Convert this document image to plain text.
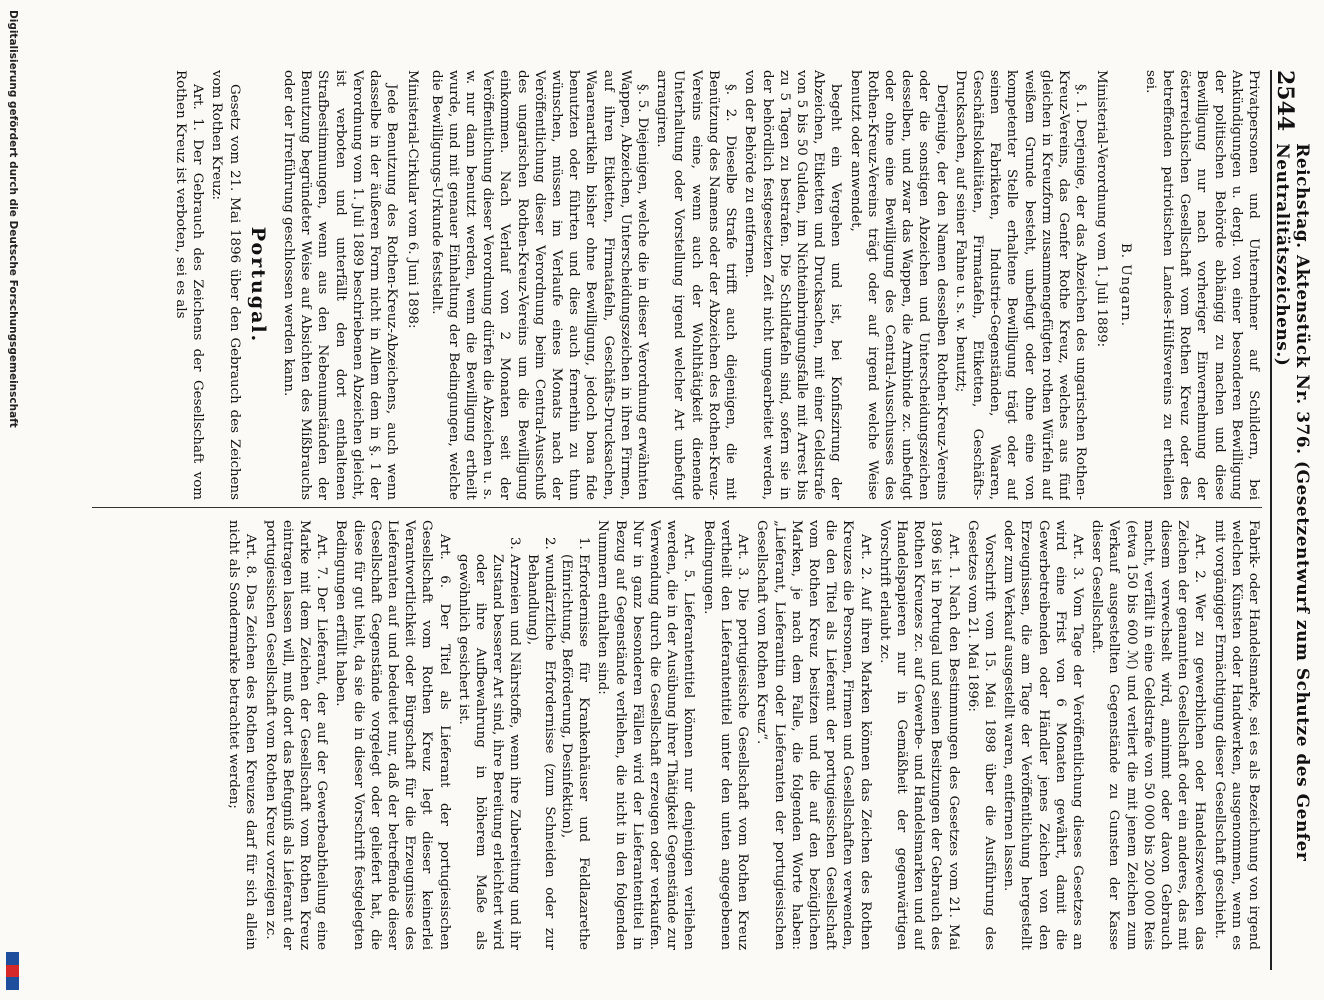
2544
Reichstag. Aktenstück Nr. 376. (Gesetzentwurf zum Schutze des Genfer Neutralitätszeichens.)

Privatpersonen und Unternehmer auf Schildern, bei Ankündigungen u. dergl. von einer besonderen Bewilligung der politischen Behörde abhängig zu machen und diese Bewilligung nur nach vorheriger Einvernehmung der österreichischen Gesellschaft vom Rothen Kreuz oder des betreffenden patriotischen Landes-Hülfsvereins zu ertheilen sei.

B. Ungarn.

Ministerial-Verordnung vom 1. Juli 1889:

§. 1. Derjenige, der das Abzeichen des ungarischen Rothen-Kreuz-Vereins, das Genfer Rothe Kreuz, welches aus fünf gleichen in Kreuzform zusammengefügten rothen Würfeln auf weißem Grunde besteht, unbefugt oder ohne eine von kompetenter Stelle erhaltene Bewilligung trägt oder auf seinen Fabrikaten, Industrie-Gegenständen, Waaren, Geschäftslokalitäten, Firmatafeln, Etiketten, Geschäfts-Drucksachen, auf seiner Fahne u. s. w. benutzt;

Derjenige, der den Namen desselben Rothen-Kreuz-Vereins oder die sonstigen Abzeichen und Unterscheidungszeichen desselben, und zwar das Wappen, die Armbinde zc. unbefugt oder ohne eine Bewilligung des Central-Ausschusses des Rothen-Kreuz-Vereins trägt oder auf irgend welche Weise benutzt oder anwendet,

begeht ein Vergehen und ist, bei Konfiszirung der Abzeichen, Etiketten und Drucksachen, mit einer Geldstrafe von 5 bis 50 Gulden, im Nichteinbringungsfalle mit Arrest bis zu 5 Tagen zu bestrafen. Die Schildtafeln sind, sofern sie in der behördlich festgesetzten Zeit nicht umgearbeitet werden, von der Behörde zu entfernen.

§. 2. Dieselbe Strafe trifft auch diejenigen, die mit Benützung des Namens oder der Abzeichen des Rothen-Kreuz-Vereins eine, wenn auch der Wohlthätigkeit dienende Unterhaltung oder Vorstellung irgend welcher Art unbefugt arrangiren.

§. 5. Diejenigen, welche die in dieser Verordnung erwähnten Wappen, Abzeichen, Unterscheidungszeichen in ihren Firmen, auf ihren Etiketten, Firmatafeln, Geschäfts-Drucksachen, Waarenartikeln bisher ohne Bewilligung, jedoch bona fide benutzten oder führten und dies auch fernerhin zu thun wünschen, müssen im Verlaufe eines Monats nach der Veröffentlichung dieser Verordnung beim Central-Ausschuß des ungarischen Rothen-Kreuz-Vereins um die Bewilligung einkommen. Nach Verlauf von 2 Monaten seit der Veröffentlichung dieser Verordnung dürfen die Abzeichen u. s. w. nur dann benutzt werden, wenn die Bewilligung ertheilt wurde, und mit genauer Einhaltung der Bedingungen, welche die Bewilligungs-Urkunde feststellt.

Ministerial-Cirkular vom 6. Juni 1898:

Jede Benutzung des Rothen-Kreuz-Abzeichens, auch wenn dasselbe in der äußeren Form nicht in Allem dem in §. 1 der Verordnung vom 1. Juli 1889 beschriebenen Abzeichen gleicht, ist verboten und unterfällt den dort enthaltenen Strafbestimmungen, wenn aus den Nebenumständen der Benutzung begründeter Weise auf Absichten des Mißbrauchs oder der Irreführung geschlossen werden kann.

Portugal.

Gesetz vom 21. Mai 1896 über den Gebrauch des Zeichens vom Rothen Kreuz:

Art. 1. Der Gebrauch des Zeichens der Gesellschaft vom Rothen Kreuz ist verboten, sei es als

Fabrik- oder Handelsmarke, sei es als Bezeichnung von irgend welchen Künsten oder Handwerken, ausgenommen, wenn es mit vorgängiger Ermächtigung dieser Gesellschaft geschieht.

Art. 2. Wer zu gewerblichen oder Handelszwecken das Zeichen der genannten Gesellschaft oder ein anderes, das mit diesem verwechselt wird, annimmt oder davon Gebrauch macht, verfällt in eine Geldstrafe von 50 000 bis 200 000 Reis (etwa 150 bis 600 ℳ) und verliert die mit jenem Zeichen zum Verkauf ausgestellten Gegenstände zu Gunsten der Kasse dieser Gesellschaft.

Art. 3. Vom Tage der Veröffentlichung dieses Gesetzes an wird eine Frist von 6 Monaten gewährt, damit die Gewerbetreibenden oder Händler jenes Zeichen von den Erzeugnissen, die am Tage der Veröffentlichung hergestellt oder zum Verkauf ausgestellt waren, entfernen lassen.

Vorschrift vom 15. Mai 1898 über die Ausführung des Gesetzes vom 21. Mai 1896:

Art. 1. Nach den Bestimmungen des Gesetzes vom 21. Mai 1896 ist in Portugal und seinen Besitzungen der Gebrauch des Rothen Kreuzes zc. auf Gewerbe- und Handelsmarken und auf Handelspapieren nur in Gemäßheit der gegenwärtigen Vorschrift erlaubt zc.

Art. 2. Auf ihren Marken können das Zeichen des Rothen Kreuzes die Personen, Firmen und Gesellschaften verwenden, die den Titel als Lieferant der portugiesischen Gesellschaft vom Rothen Kreuz besitzen und die auf den bezüglichen Marken, je nach dem Falle, die folgenden Worte haben: „Lieferant, Lieferantin oder Lieferanten der portugiesischen Gesellschaft vom Rothen Kreuz“.

Art. 3. Die portugiesische Gesellschaft vom Rothen Kreuz vertheilt den Lieferantentitel unter den unten angegebenen Bedingungen.

Art. 5. Lieferantentitel können nur denjenigen verliehen werden, die in der Ausübung ihrer Thätigkeit Gegenstände zur Verwendung durch die Gesellschaft erzeugen oder verkaufen. Nur in ganz besonderen Fällen wird der Lieferantentitel in Bezug auf Gegenstände verliehen, die nicht in den folgenden Nummern enthalten sind:

1. Erfordernisse für Krankenhäuser und Feldlazarethe (Einrichtung, Beförderung, Desinfektion),
2. wundärztliche Erfordernisse (zum Schneiden oder zur Behandlung),
3. Arzneien und Nährstoffe, wenn ihre Zubereitung und ihr Zustand besserer Art sind, ihre Bereitung erleichtert wird oder ihre Aufbewahrung in höherem Maße als gewöhnlich gesichert ist.

Art. 6. Der Titel als Lieferant der portugiesischen Gesellschaft vom Rothen Kreuz legt dieser keinerlei Verantwortlichkeit oder Bürgschaft für die Erzeugnisse des Lieferanten auf und bedeutet nur, daß der betreffende dieser Gesellschaft Gegenstände vorgelegt oder geliefert hat, die diese für gut hielt, da sie die in dieser Vorschrift festgelegten Bedingungen erfüllt haben.

Art. 7. Der Lieferant, der auf der Gewerbeabtheilung eine Marke mit dem Zeichen der Gesellschaft vom Rothen Kreuz eintragen lassen will, muß dort das Befugniß als Lieferant der portugiesischen Gesellschaft vom Rothen Kreuz vorzeigen zc.

Art. 8. Das Zeichen des Rothen Kreuzes darf für sich allein nicht als Sondermarke betrachtet werden;

Digitalisierung gefördert durch die Deutsche Forschungsgemeinschaft
